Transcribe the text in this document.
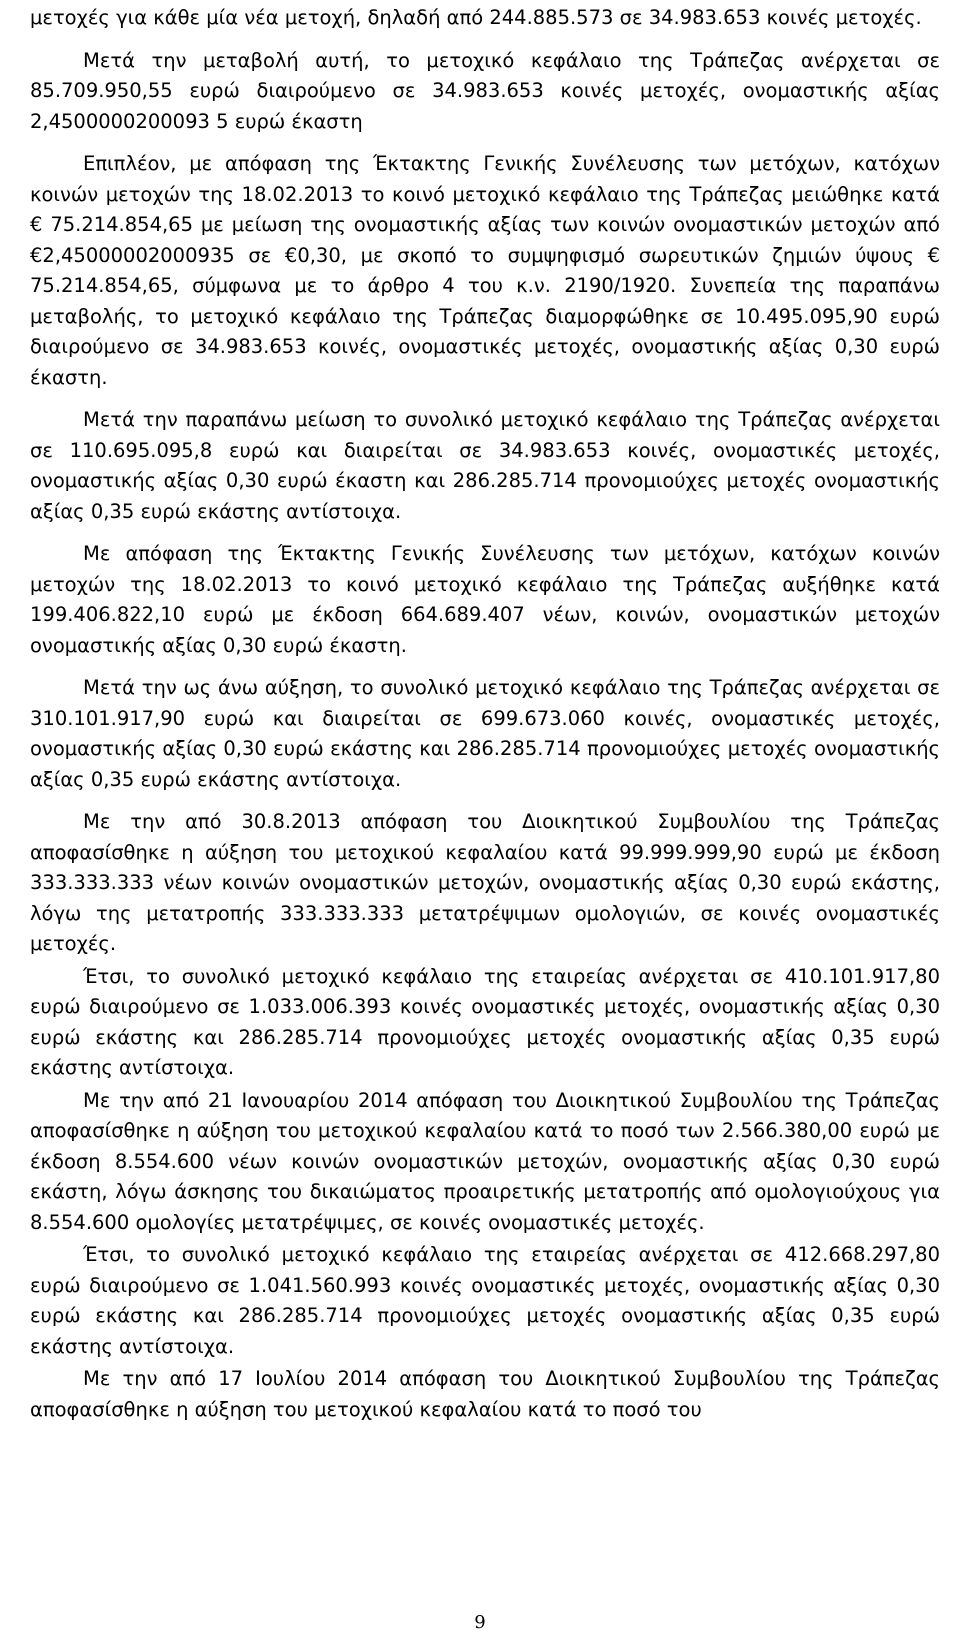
μετοχές για κάθε μία νέα μετοχή, δηλαδή από 244.885.573 σε 34.983.653 κοινές μετοχές.

Μετά την μεταβολή αυτή, το μετοχικό κεφάλαιο της Τράπεζας ανέρχεται σε 85.709.950,55 ευρώ διαιρούμενο σε 34.983.653 κοινές μετοχές, ονομαστικής αξίας 2,4500000200093 5 ευρώ έκαστη

Επιπλέον, με απόφαση της Έκτακτης Γενικής Συνέλευσης των μετόχων, κατόχων κοινών μετοχών της 18.02.2013 το κοινό μετοχικό κεφάλαιο της Τράπεζας μειώθηκε κατά € 75.214.854,65 με μείωση της ονομαστικής αξίας των κοινών ονομαστικών μετοχών από €2,45000002000935 σε €0,30, με σκοπό το συμψηφισμό σωρευτικών ζημιών ύψους € 75.214.854,65, σύμφωνα με το άρθρο 4 του κ.ν. 2190/1920. Συνεπεία της παραπάνω μεταβολής, το μετοχικό κεφάλαιο της Τράπεζας διαμορφώθηκε σε 10.495.095,90 ευρώ διαιρούμενο σε 34.983.653 κοινές, ονομαστικές μετοχές, ονομαστικής αξίας 0,30 ευρώ έκαστη.

Μετά την παραπάνω μείωση το συνολικό μετοχικό κεφάλαιο της Τράπεζας ανέρχεται σε 110.695.095,8 ευρώ και διαιρείται σε 34.983.653 κοινές, ονομαστικές μετοχές, ονομαστικής αξίας 0,30 ευρώ έκαστη και 286.285.714 προνομιούχες μετοχές ονομαστικής αξίας 0,35 ευρώ εκάστης αντίστοιχα.

Με απόφαση της Έκτακτης Γενικής Συνέλευσης των μετόχων, κατόχων κοινών μετοχών της 18.02.2013 το κοινό μετοχικό κεφάλαιο της Τράπεζας αυξήθηκε κατά 199.406.822,10 ευρώ με έκδοση 664.689.407 νέων, κοινών, ονομαστικών μετοχών ονομαστικής αξίας 0,30 ευρώ έκαστη.

Μετά την ως άνω αύξηση, το συνολικό μετοχικό κεφάλαιο της Τράπεζας ανέρχεται σε 310.101.917,90 ευρώ και διαιρείται σε 699.673.060 κοινές, ονομαστικές μετοχές, ονομαστικής αξίας 0,30 ευρώ εκάστης και 286.285.714 προνομιούχες μετοχές ονομαστικής αξίας 0,35 ευρώ εκάστης αντίστοιχα.

Με την από 30.8.2013 απόφαση του Διοικητικού Συμβουλίου της Τράπεζας αποφασίσθηκε η αύξηση του μετοχικού κεφαλαίου κατά 99.999.999,90 ευρώ με έκδοση 333.333.333 νέων κοινών ονομαστικών μετοχών, ονομαστικής αξίας 0,30 ευρώ εκάστης, λόγω της μετατροπής 333.333.333 μετατρέψιμων ομολογιών, σε κοινές ονομαστικές μετοχές.

Έτσι, το συνολικό μετοχικό κεφάλαιο της εταιρείας ανέρχεται σε 410.101.917,80 ευρώ διαιρούμενο σε 1.033.006.393 κοινές ονομαστικές μετοχές, ονομαστικής αξίας 0,30 ευρώ εκάστης και 286.285.714 προνομιούχες μετοχές ονομαστικής αξίας 0,35 ευρώ εκάστης αντίστοιχα.

Με την από 21 Ιανουαρίου 2014 απόφαση του Διοικητικού Συμβουλίου της Τράπεζας αποφασίσθηκε η αύξηση του μετοχικού κεφαλαίου κατά το ποσό των 2.566.380,00 ευρώ με έκδοση 8.554.600 νέων κοινών ονομαστικών μετοχών, ονομαστικής αξίας 0,30 ευρώ εκάστη, λόγω άσκησης του δικαιώματος προαιρετικής μετατροπής από ομολογιούχους για 8.554.600 ομολογίες μετατρέψιμες, σε κοινές ονομαστικές μετοχές.

Έτσι, το συνολικό μετοχικό κεφάλαιο της εταιρείας ανέρχεται σε 412.668.297,80 ευρώ διαιρούμενο σε 1.041.560.993 κοινές ονομαστικές μετοχές, ονομαστικής αξίας 0,30 ευρώ εκάστης και 286.285.714 προνομιούχες μετοχές ονομαστικής αξίας 0,35 ευρώ εκάστης αντίστοιχα.

Με την από 17 Ιουλίου 2014 απόφαση του Διοικητικού Συμβουλίου της Τράπεζας αποφασίσθηκε η αύξηση του μετοχικού κεφαλαίου κατά το ποσό του

9
